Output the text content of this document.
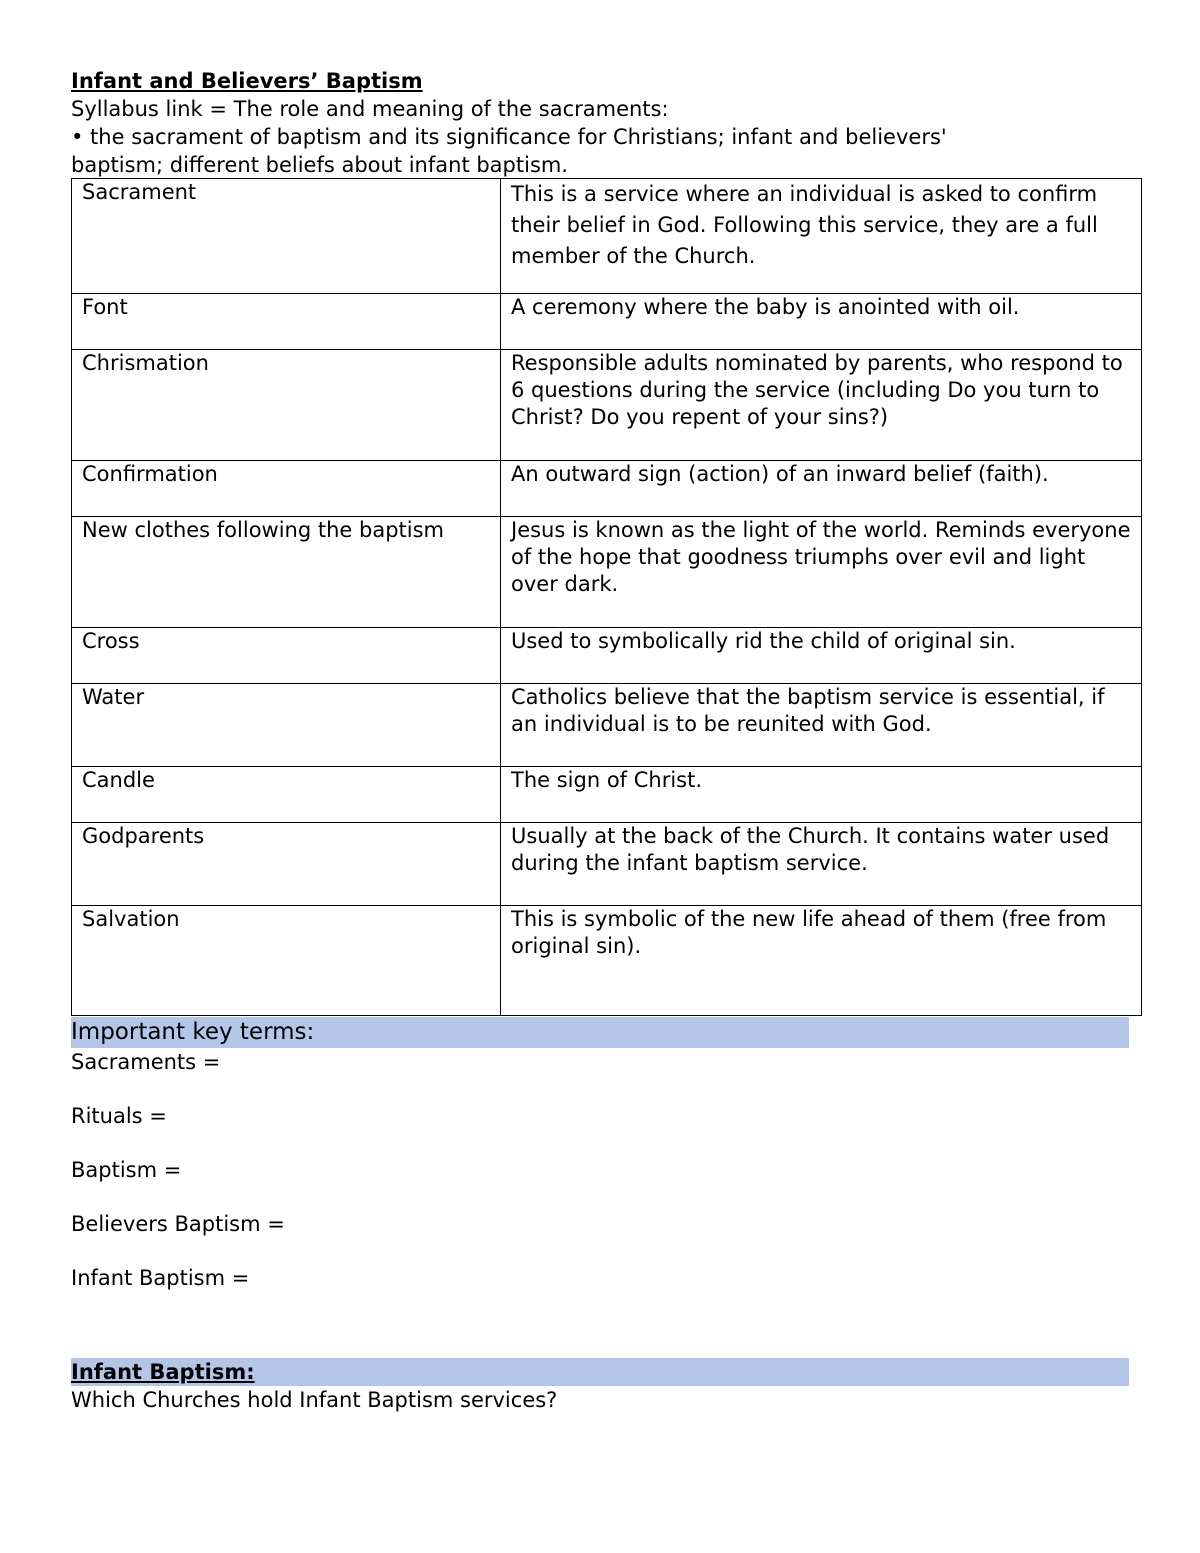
Infant and Believers’ Baptism

Syllabus link = The role and meaning of the sacraments:

• the sacrament of baptism and its significance for Christians; infant and believers'

baptism; different beliefs about infant baptism.

Sacrament	This is a service where an individual is asked to confirm their belief in God. Following this service, they are a full member of the Church.
Font	A ceremony where the baby is anointed with oil.
Chrismation	Responsible adults nominated by parents, who respond to 6 questions during the service (including Do you turn to Christ? Do you repent of your sins?)
Confirmation	An outward sign (action) of an inward belief (faith).
New clothes following the baptism	Jesus is known as the light of the world. Reminds everyone of the hope that goodness triumphs over evil and light over dark.
Cross	Used to symbolically rid the child of original sin.
Water	Catholics believe that the baptism service is essential, if an individual is to be reunited with God.
Candle	The sign of Christ.
Godparents	Usually at the back of the Church. It contains water used during the infant baptism service.
Salvation	This is symbolic of the new life ahead of them (free from original sin).
Important key terms:

Sacraments =

Rituals =

Baptism =

Believers Baptism =

Infant Baptism =

Infant Baptism:

Which Churches hold Infant Baptism services?
